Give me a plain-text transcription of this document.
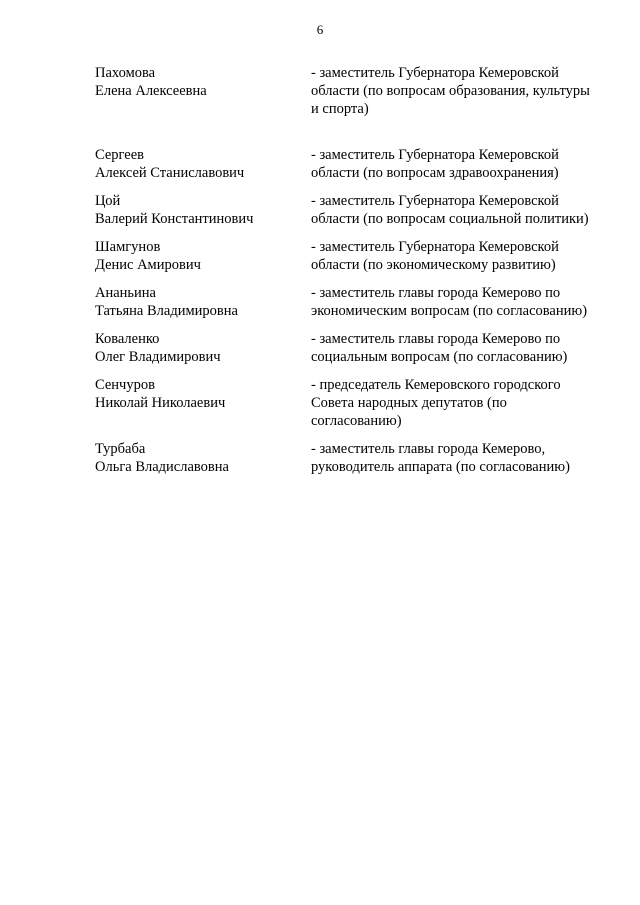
6
Пахомова
Елена Алексеевна
- заместитель Губернатора Кемеровской
области (по вопросам образования, культуры
и спорта)
Сергеев
Алексей Станиславович
- заместитель Губернатора Кемеровской
области (по вопросам здравоохранения)
Цой
Валерий Константинович
- заместитель Губернатора Кемеровской
области (по вопросам социальной политики)
Шамгунов
Денис Амирович
- заместитель Губернатора Кемеровской
области (по экономическому развитию)
Ананьина
Татьяна Владимировна
- заместитель главы города Кемерово по
экономическим вопросам (по согласованию)
Коваленко
Олег Владимирович
- заместитель главы города Кемерово по
социальным вопросам (по согласованию)
Сенчуров
Николай Николаевич
- председатель Кемеровского городского
Совета народных депутатов (по
согласованию)
Турбаба
Ольга Владиславовна
- заместитель главы города Кемерово,
руководитель аппарата (по согласованию)
